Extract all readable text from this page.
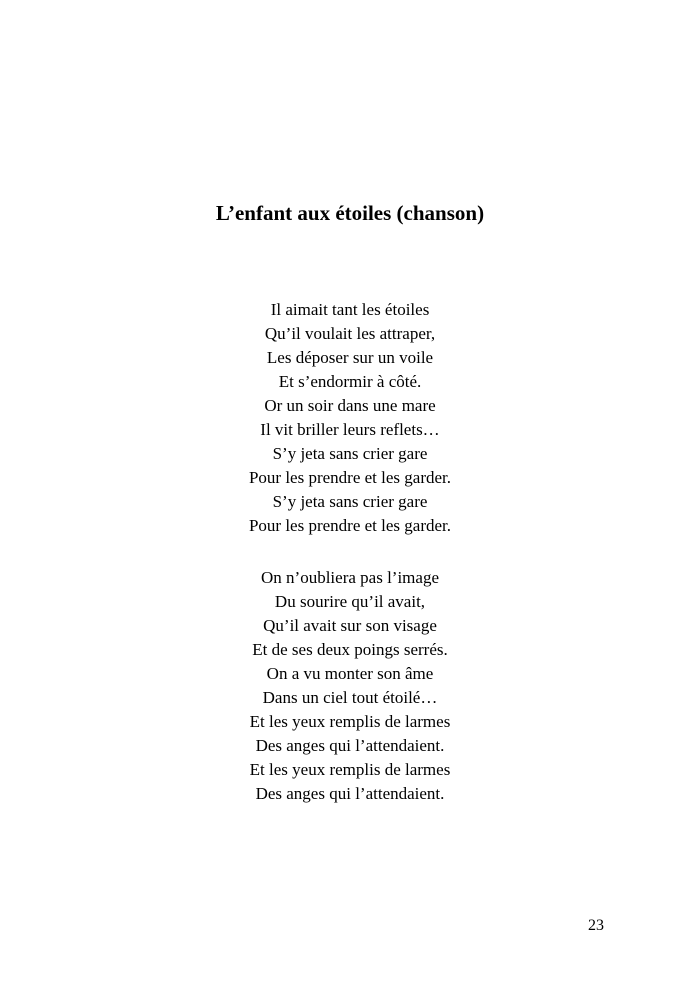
L’enfant aux étoiles (chanson)
Il aimait tant les étoiles
Qu’il voulait les attraper,
Les déposer sur un voile
Et s’endormir à côté.
Or un soir dans une mare
Il vit briller leurs reflets…
S’y jeta sans crier gare
Pour les prendre et les garder.
S’y jeta sans crier gare
Pour les prendre et les garder.
On n’oubliera pas l’image
Du sourire qu’il avait,
Qu’il avait sur son visage
Et de ses deux poings serrés.
On a vu monter son âme
Dans un ciel tout étoilé…
Et les yeux remplis de larmes
Des anges qui l’attendaient.
Et les yeux remplis de larmes
Des anges qui l’attendaient.
23
